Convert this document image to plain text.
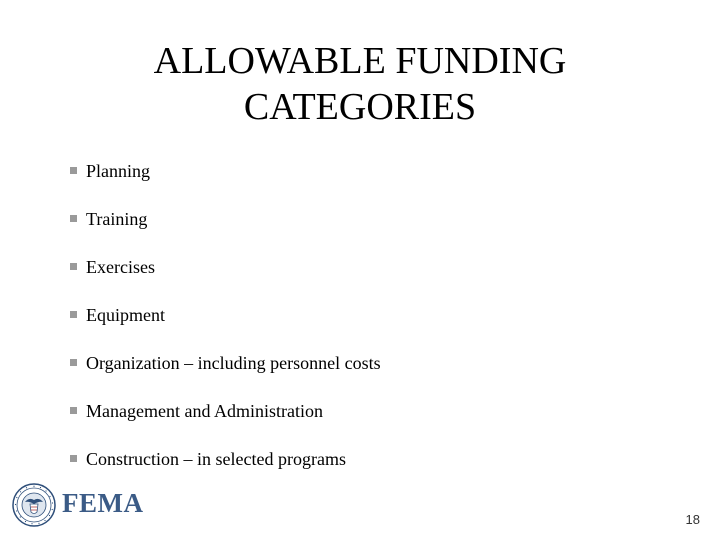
ALLOWABLE FUNDING
CATEGORIES
Planning
Training
Exercises
Equipment
Organization – including personnel costs
Management and Administration
Construction – in selected programs
FEMA
18
